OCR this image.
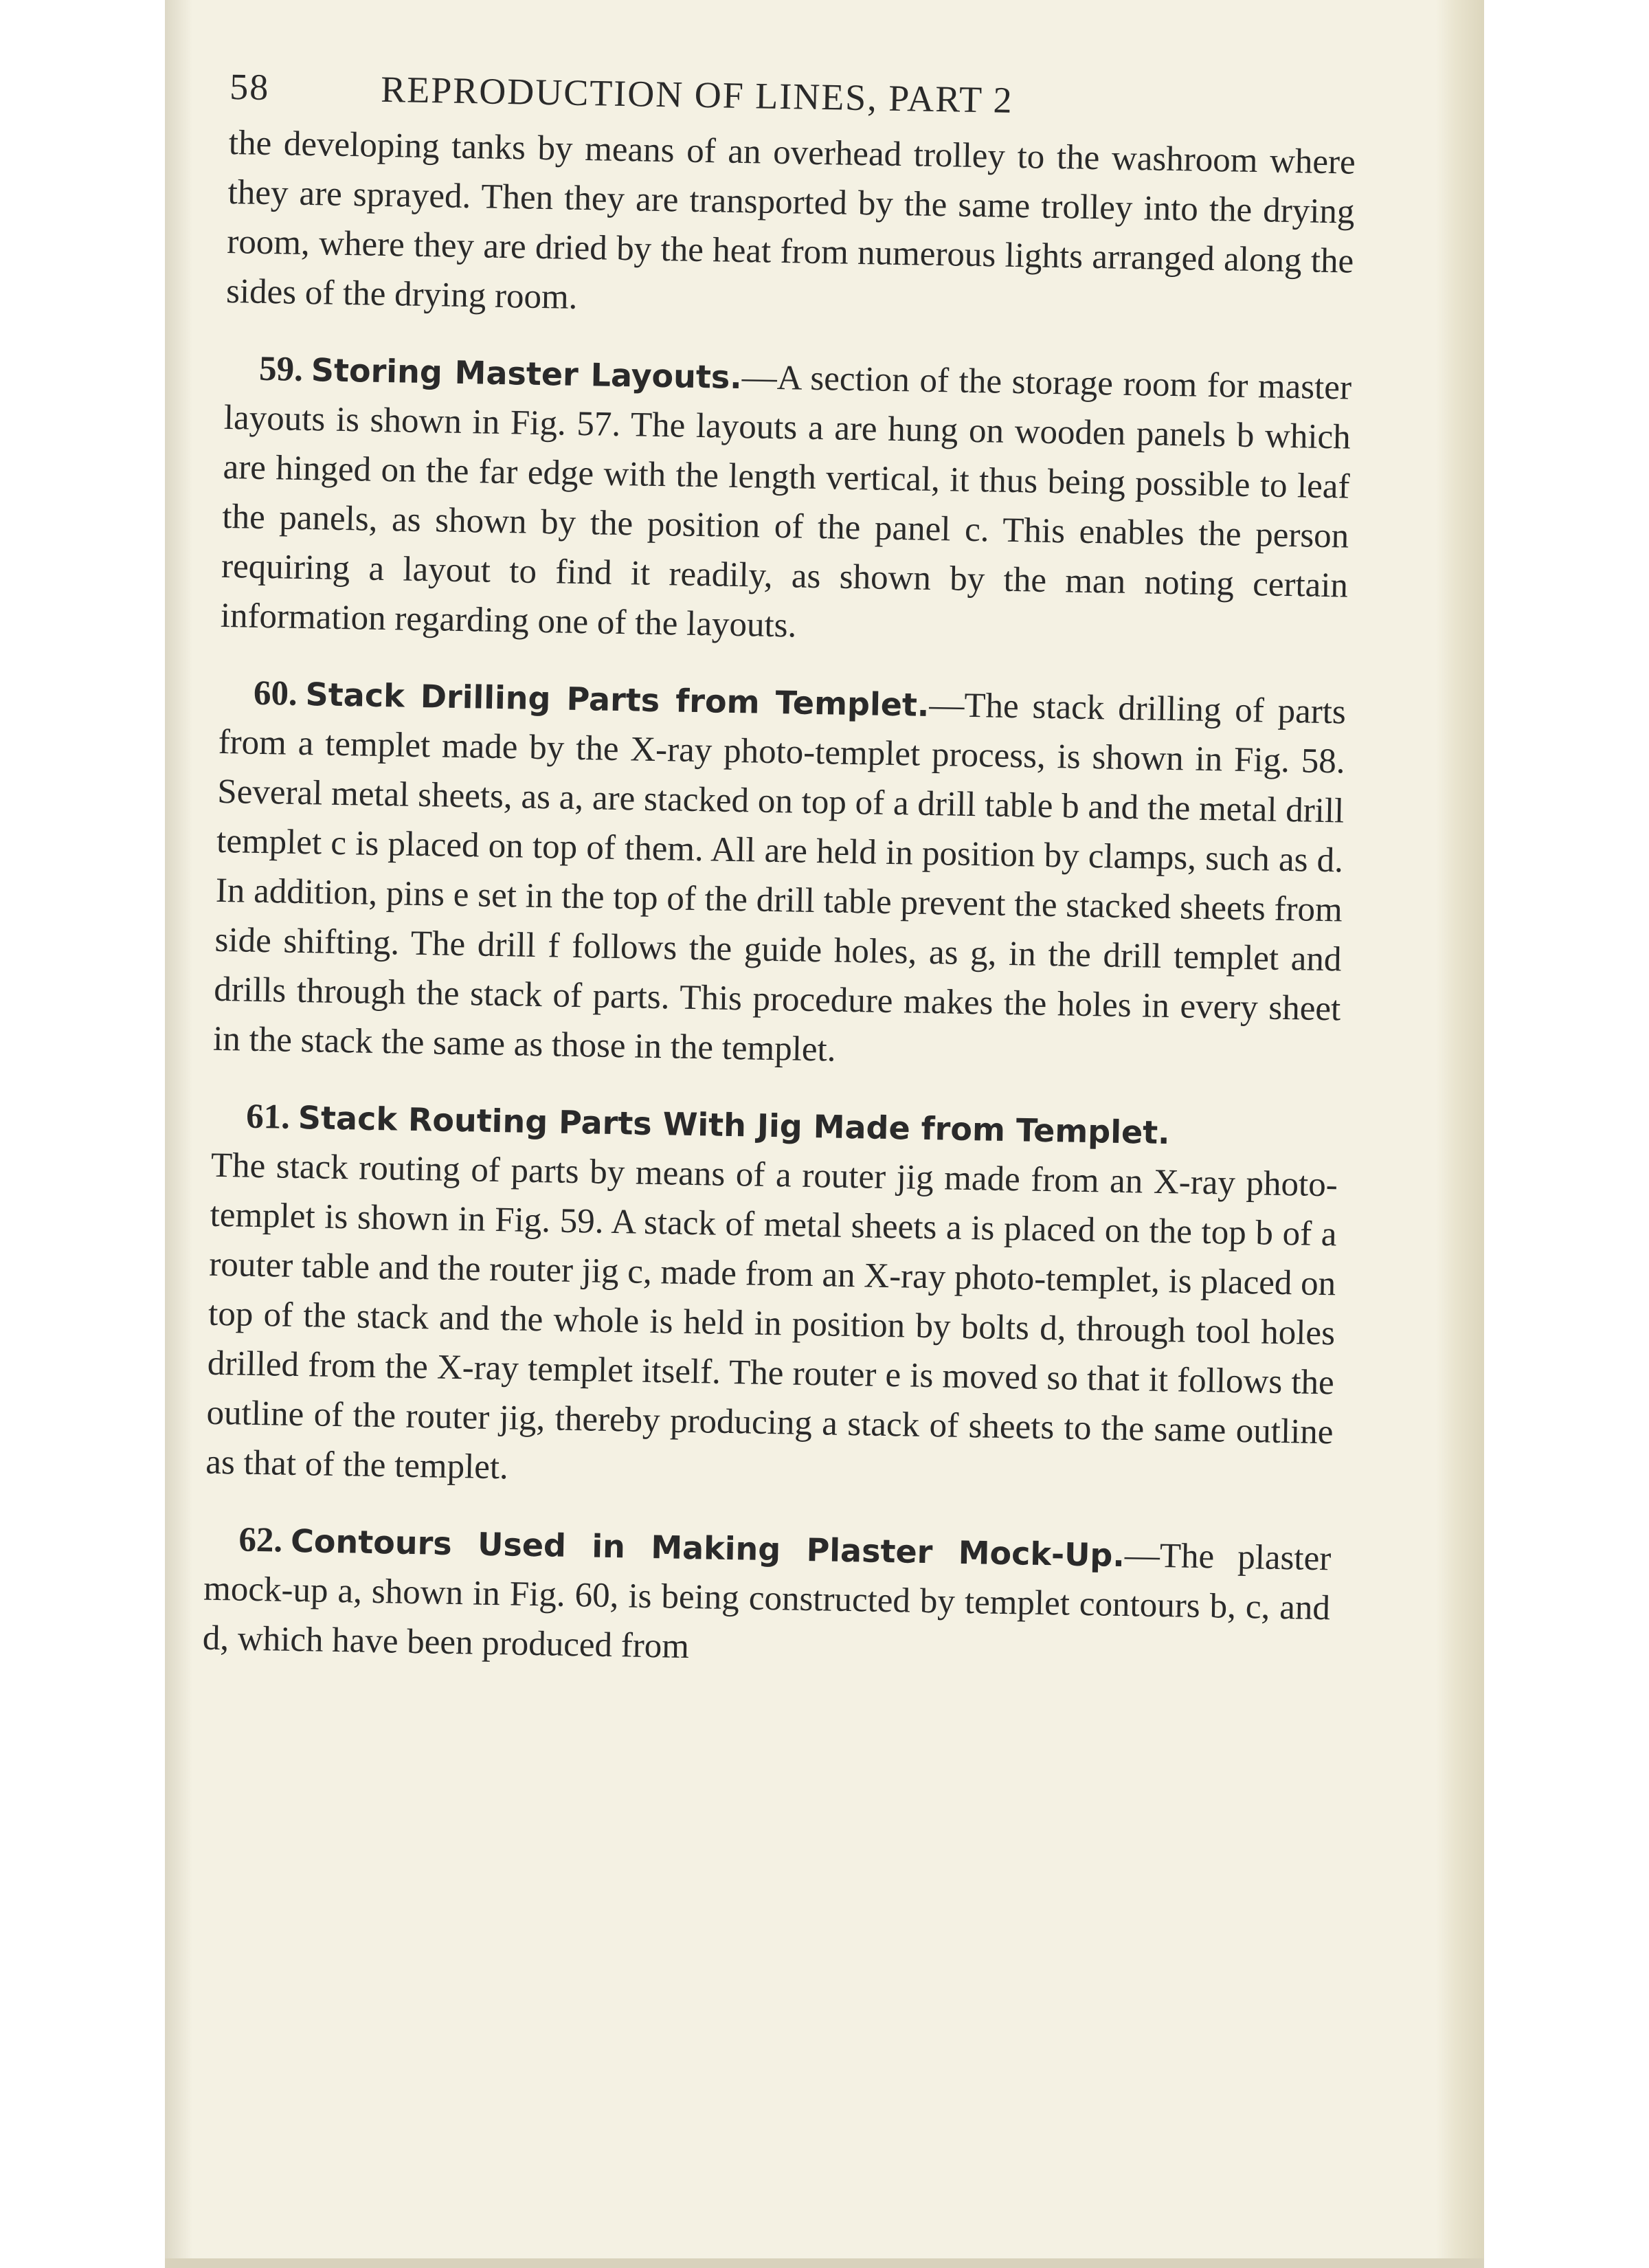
58	REPRODUCTION OF LINES, PART 2

the developing tanks by means of an overhead trolley to the washroom where they are sprayed. Then they are transported by the same trolley into the drying room, where they are dried by the heat from numerous lights arranged along the sides of the drying room.

59. Storing Master Layouts.—A section of the storage room for master layouts is shown in Fig. 57. The layouts a are hung on wooden panels b which are hinged on the far edge with the length vertical, it thus being possible to leaf the panels, as shown by the position of the panel c. This enables the person requiring a layout to find it readily, as shown by the man noting certain information regarding one of the layouts.

60. Stack Drilling Parts from Templet.—The stack drilling of parts from a templet made by the X-ray photo-templet process, is shown in Fig. 58. Several metal sheets, as a, are stacked on top of a drill table b and the metal drill templet c is placed on top of them. All are held in position by clamps, such as d. In addition, pins e set in the top of the drill table prevent the stacked sheets from side shifting. The drill f follows the guide holes, as g, in the drill templet and drills through the stack of parts. This procedure makes the holes in every sheet in the stack the same as those in the templet.

61. Stack Routing Parts With Jig Made from Templet.
The stack routing of parts by means of a router jig made from an X-ray photo-templet is shown in Fig. 59. A stack of metal sheets a is placed on the top b of a router table and the router jig c, made from an X-ray photo-templet, is placed on top of the stack and the whole is held in position by bolts d, through tool holes drilled from the X-ray templet itself. The router e is moved so that it follows the outline of the router jig, thereby producing a stack of sheets to the same outline as that of the templet.

62. Contours Used in Making Plaster Mock-Up.—The plaster mock-up a, shown in Fig. 60, is being constructed by templet contours b, c, and d, which have been produced from
